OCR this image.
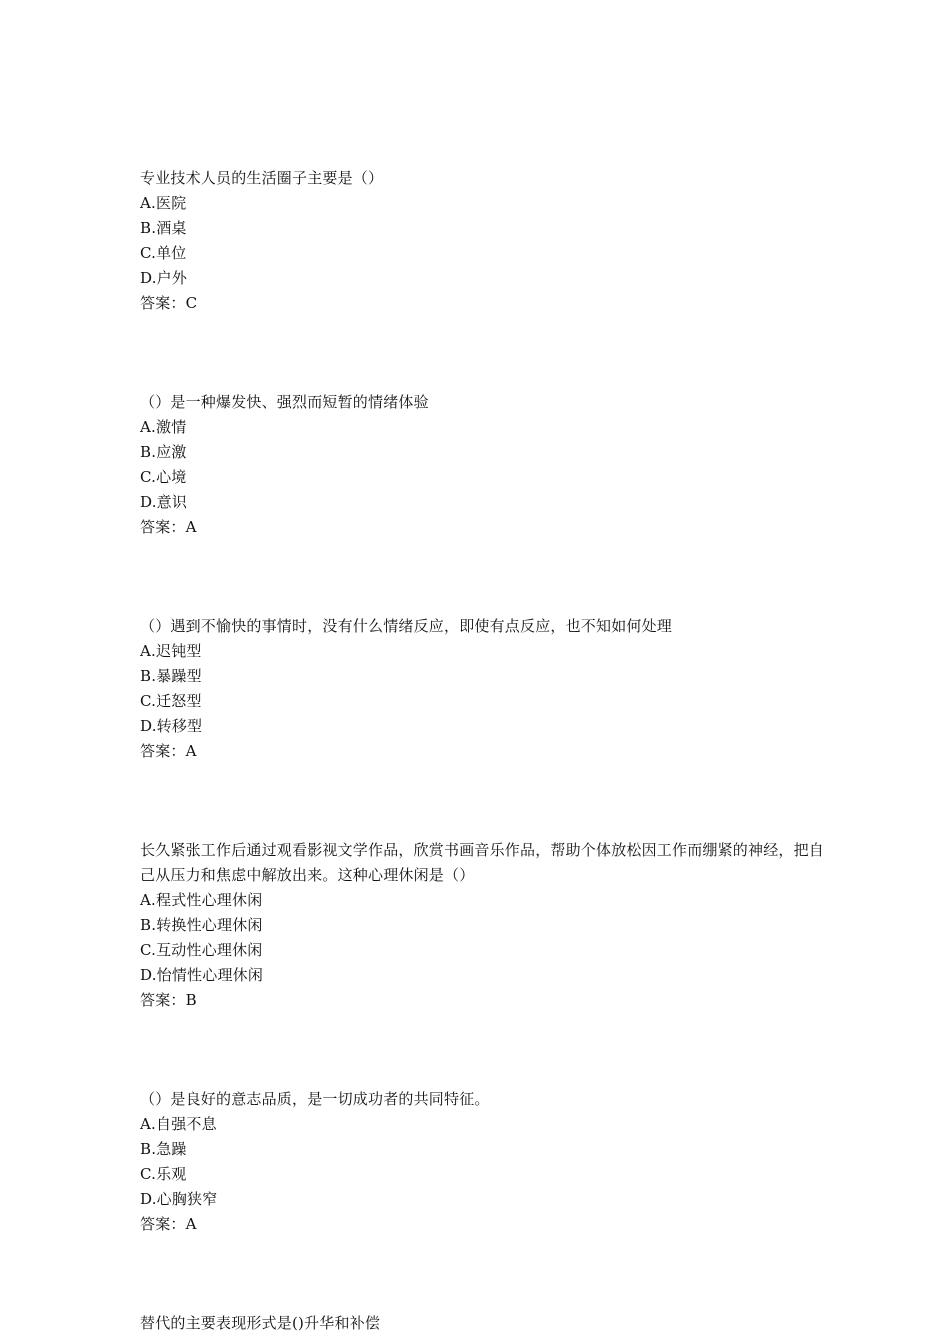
专业技术人员的生活圈子主要是（）

A.医院

B.酒桌

C.单位

D.户外

答案：C

（）是一种爆发快、强烈而短暂的情绪体验

A.激情

B.应激

C.心境

D.意识

答案：A

（）遇到不愉快的事情时，没有什么情绪反应，即使有点反应，也不知如何处理

A.迟钝型

B.暴躁型

C.迁怒型

D.转移型

答案：A

长久紧张工作后通过观看影视文学作品，欣赏书画音乐作品，帮助个体放松因工作而绷紧的神经，把自己从压力和焦虑中解放出来。这种心理休闲是（）

A.程式性心理休闲

B.转换性心理休闲

C.互动性心理休闲

D.怡情性心理休闲

答案：B

（）是良好的意志品质，是一切成功者的共同特征。

A.自强不息

B.急躁

C.乐观

D.心胸狭窄

答案：A

替代的主要表现形式是()升华和补偿
